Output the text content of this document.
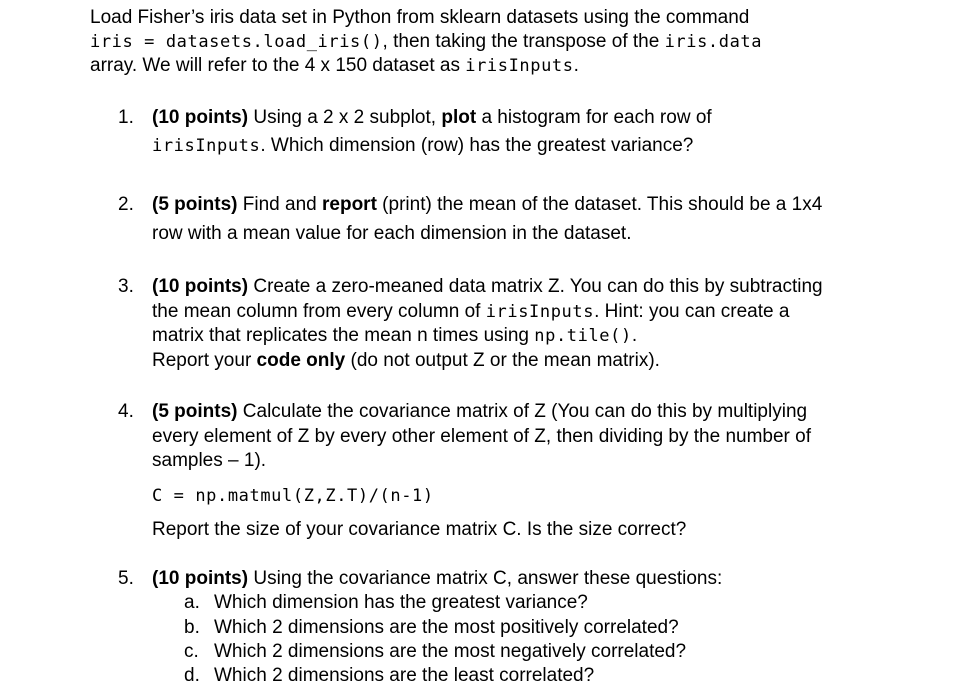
Load Fisher’s iris data set in Python from sklearn datasets using the command

iris = datasets.load_iris(), then taking the transpose of the iris.data

array. We will refer to the 4 x 150 dataset as irisInputs.

1. (10 points) Using a 2 x 2 subplot, plot a histogram for each row of
irisInputs. Which dimension (row) has the greatest variance?
2. (5 points) Find and report (print) the mean of the dataset. This should be a 1x4
row with a mean value for each dimension in the dataset.
3. (10 points) Create a zero-meaned data matrix Z. You can do this by subtracting
the mean column from every column of irisInputs. Hint: you can create a
matrix that replicates the mean n times using np.tile().
Report your code only (do not output Z or the mean matrix).
4. (5 points) Calculate the covariance matrix of Z (You can do this by multiplying
every element of Z by every other element of Z, then dividing by the number of
samples – 1).
C = np.matmul(Z,Z.T)/(n-1)
Report the size of your covariance matrix C. Is the size correct?
5. (10 points) Using the covariance matrix C, answer these questions:
a. Which dimension has the greatest variance?
b. Which 2 dimensions are the most positively correlated?
c. Which 2 dimensions are the most negatively correlated?
d. Which 2 dimensions are the least correlated?
